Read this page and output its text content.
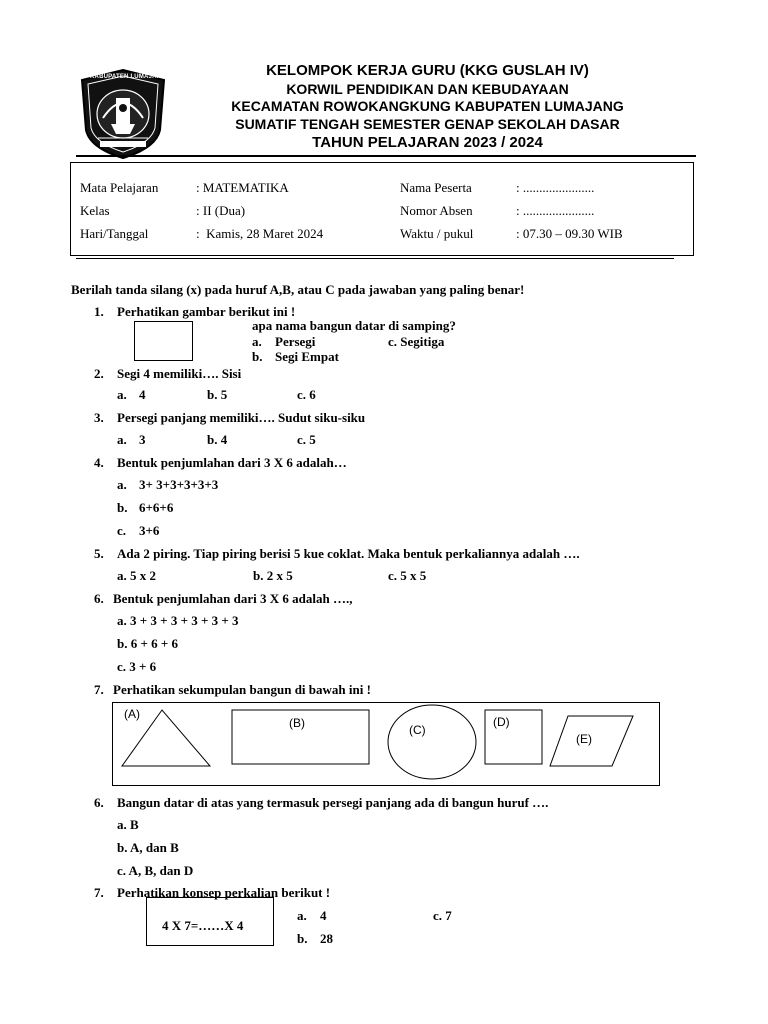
KABUPATEN LUMAJANG	KELOMPOK KERJA GURU (KKG GUSLAH IV)
KORWIL PENDIDIKAN DAN KEBUDAYAAN
KECAMATAN ROWOKANGKUNG KABUPATEN LUMAJANG
SUMATIF TENGAH SEMESTER GENAP SEKOLAH DASAR
TAHUN PELAJARAN 2023 / 2024
Mata Pelajaran	: MATEMATIKA	Nama Peserta	: ......................
Kelas	: II (Dua)	Nomor Absen	: ......................
Hari/Tanggal	:  Kamis, 28 Maret 2024	Waktu / pukul	: 07.30 – 09.30 WIB
Berilah tanda silang (x) pada huruf A,B, atau C pada jawaban yang paling benar!
1. Perhatikan gambar berikut ini !
apa nama bangun datar di samping?
a. Persegi	c. Segitiga
b. Segi Empat
2. Segi 4 memiliki…. Sisi
a. 4	b. 5	c. 6
3. Persegi panjang memiliki…. Sudut siku-siku
a. 3	b. 4	c. 5
4. Bentuk penjumlahan dari 3 X 6 adalah…
a. 3+ 3+3+3+3+3
b. 6+6+6
c. 3+6
5. Ada 2 piring. Tiap piring berisi 5 kue coklat. Maka bentuk perkaliannya adalah ….
a. 5 x 2	b. 2 x 5	c. 5 x 5
6. Bentuk penjumlahan dari 3 X 6 adalah ….,
a. 3 + 3 + 3 + 3 + 3 + 3
b. 6 + 6 + 6
c. 3 + 6
7. Perhatikan sekumpulan bangun di bawah ini !
(A)
(B)	(C)
(D)
(E)
6. Bangun datar di atas yang termasuk persegi panjang ada di bangun huruf ….
a. B
b. A, dan B
c. A, B, dan D
7. Perhatikan konsep perkalian berikut !
4 X 7=……X 4
a. 4	c. 7
b. 28
